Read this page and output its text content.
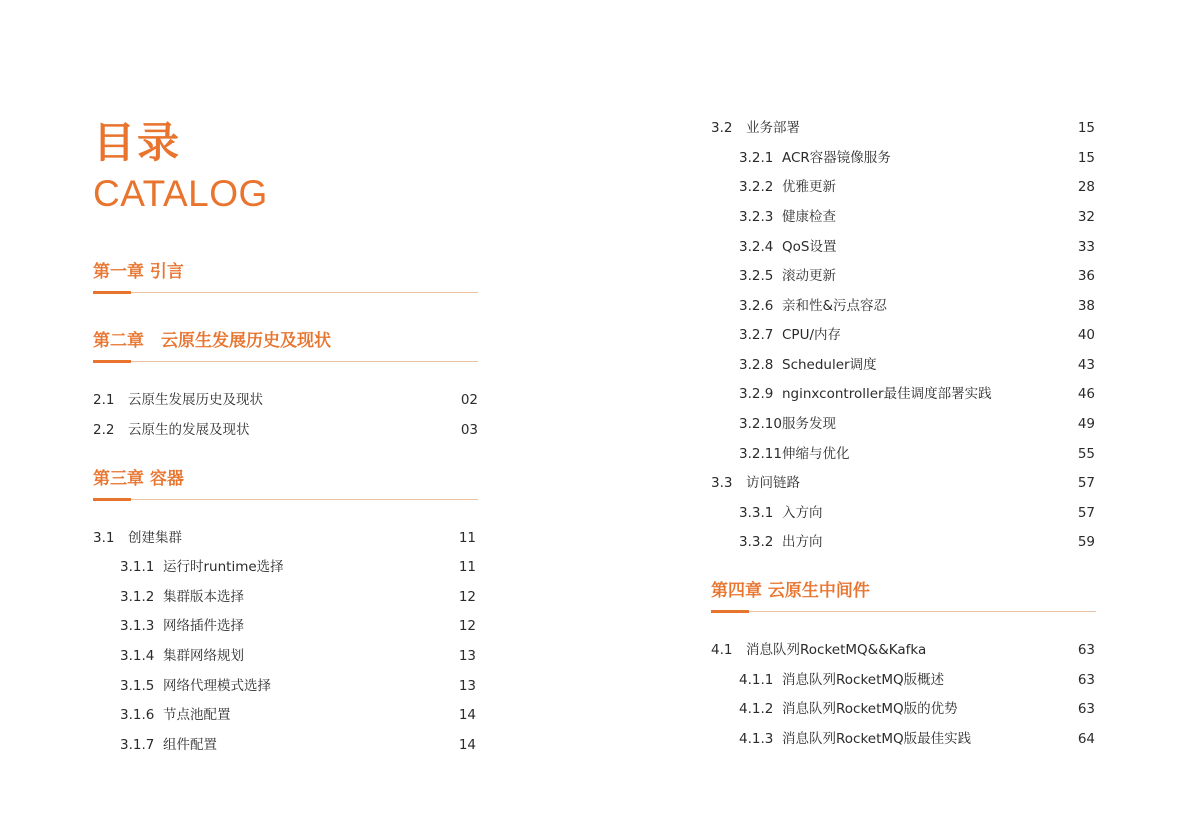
目录
CATALOG
第一章 引言
第二章　云原生发展历史及现状
2.1 云原生发展历史及现状	02
2.2 云原生的发展及现状	03
第三章 容器
3.1 创建集群	11
3.1.1 运行时runtime选择	11
3.1.2 集群版本选择	12
3.1.3 网络插件选择	12
3.1.4 集群网络规划	13
3.1.5 网络代理模式选择	13
3.1.6 节点池配置	14
3.1.7 组件配置	14
3.2 业务部署	15
3.2.1 ACR容器镜像服务	15
3.2.2 优雅更新	28
3.2.3 健康检查	32
3.2.4 QoS设置	33
3.2.5 滚动更新	36
3.2.6 亲和性&污点容忍	38
3.2.7 CPU/内存	40
3.2.8 Scheduler调度	43
3.2.9 nginxcontroller最佳调度部署实践	46
3.2.10 服务发现	49
3.2.11 伸缩与优化	55
3.3 访问链路	57
3.3.1 入方向	57
3.3.2 出方向	59
第四章 云原生中间件
4.1 消息队列RocketMQ&&Kafka	63
4.1.1 消息队列RocketMQ版概述	63
4.1.2 消息队列RocketMQ版的优势	63
4.1.3 消息队列RocketMQ版最佳实践	64
